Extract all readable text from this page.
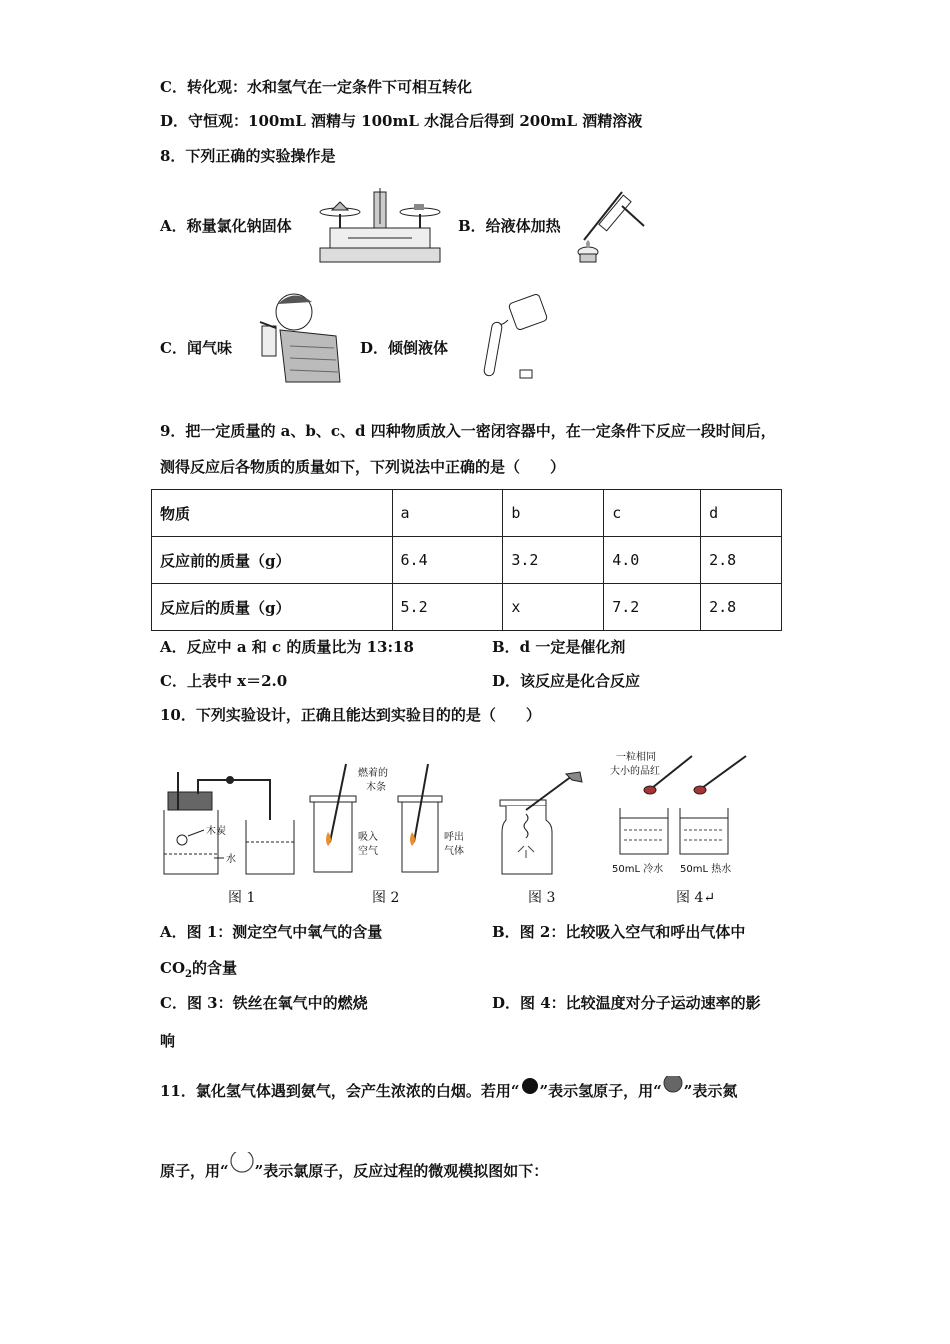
C．转化观：水和氢气在一定条件下可相互转化
D．守恒观：100mL 酒精与 100mL 水混合后得到 200mL 酒精溶液
8．下列正确的实验操作是
A．称量氯化钠固体	B．给液体加热
C．闻气味	D．倾倒液体
9．把一定质量的 a、b、c、d 四种物质放入一密闭容器中，在一定条件下反应一段时间后，
测得反应后各物质的质量如下，下列说法中正确的是（　　）
物质	a	b	c	d
反应前的质量（g）	6.4	3.2	4.0	2.8
反应后的质量（g）	5.2	x	7.2	2.8
A．反应中 a 和 c 的质量比为 13:18	B．d 一定是催化剂
C．上表中 x＝2.0	D．该反应是化合反应
10．下列实验设计，正确且能达到实验目的的是（　　）
木炭
水
图 1
燃着的
木条
吸入
空气
呼出
气体
图 2	图 3
一粒相同
大小的品红
50mL 冷水 50mL 热水
图 4↵
A．图 1：测定空气中氧气的含量	B．图 2：比较吸入空气和呼出气体中
$CO_2$的含量
C．图 3：铁丝在氧气中的燃烧	D．图 4：比较温度对分子运动速率的影
响
11．氯化氢气体遇到氨气，会产生浓浓的白烟。若用“ ”表示氢原子，用“ ”表示氮
原子，用“ ”表示氯原子，反应过程的微观模拟图如下：
